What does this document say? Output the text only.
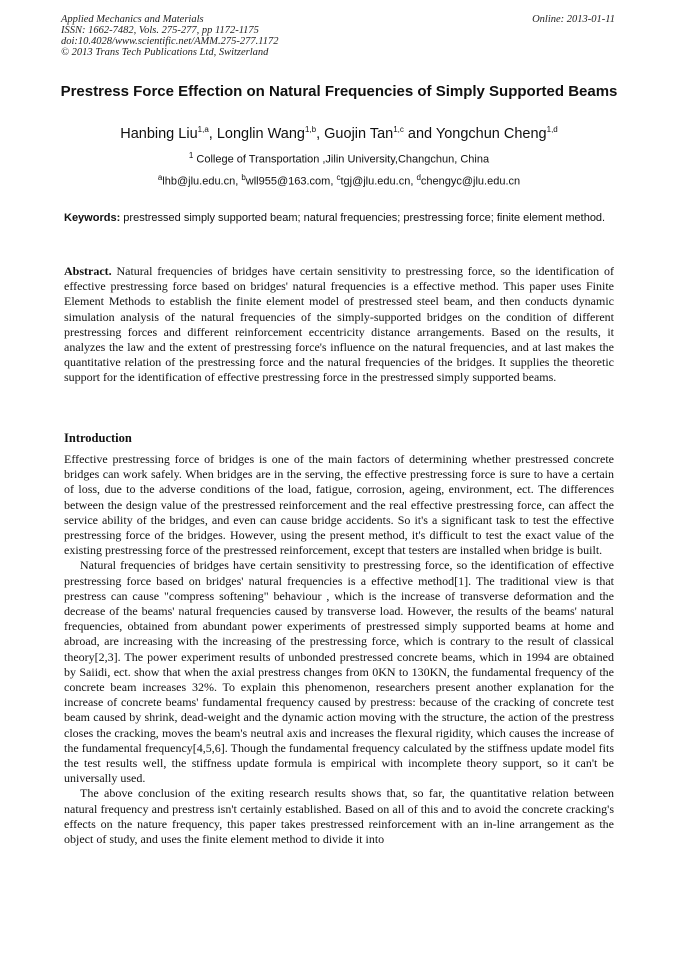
Applied Mechanics and Materials
ISSN: 1662-7482, Vols. 275-277, pp 1172-1175
doi:10.4028/www.scientific.net/AMM.275-277.1172
© 2013 Trans Tech Publications Ltd, Switzerland
Online: 2013-01-11
Prestress Force Effection on Natural Frequencies of Simply Supported Beams
Hanbing Liu$^{1,a}$, Longlin Wang$^{1,b}$, Guojin Tan$^{1,c}$ and Yongchun Cheng$^{1,d}$
$^1$ College of Transportation ,Jilin University,Changchun, China
$^a$lhb@jlu.edu.cn, $^b$wll955@163.com, $^c$tgj@jlu.edu.cn, $^d$chengyc@jlu.edu.cn
Keywords: prestressed simply supported beam; natural frequencies; prestressing force; finite element method.
Abstract. Natural frequencies of bridges have certain sensitivity to prestressing force, so the identification of effective prestressing force based on bridges' natural frequencies is a effective method. This paper uses Finite Element Methods to establish the finite element model of prestressed steel beam, and then conducts dynamic simulation analysis of the natural frequencies of the simply-supported bridges on the condition of different prestressing forces and different reinforcement eccentricity distance arrangements. Based on the results, it analyzes the law and the extent of prestressing force's influence on the natural frequencies, and at last makes the quantitative relation of the prestressing force and the natural frequencies of the bridges. It supplies the theoretic support for the identification of effective prestressing force in the prestressed simply supported beams.
Introduction

Effective prestressing force of bridges is one of the main factors of determining whether prestressed concrete bridges can work safely. When bridges are in the serving, the effective prestressing force is sure to have a certain of loss, due to the adverse conditions of the load, fatigue, corrosion, ageing, environment, ect. The differences between the design value of the prestressed reinforcement and the real effective prestressing force, can affect the service ability of the bridges, and even can cause bridge accidents. So it's a significant task to test the effective prestressing force of the bridges. However, using the present method, it's difficult to test the exact value of the existing prestressing force of the prestressed reinforcement, except that testers are installed when bridge is built.

Natural frequencies of bridges have certain sensitivity to prestressing force, so the identification of effective prestressing force based on bridges' natural frequencies is a effective method[1]. The traditional view is that prestress can cause "compress softening" behaviour , which is the increase of transverse deformation and the decrease of the beams' natural frequencies caused by transverse load. However, the results of the beams' natural frequencies, obtained from abundant power experiments of prestressed simply supported beams at home and abroad, are increasing with the increasing of the prestressing force, which is contrary to the result of classical theory[2,3]. The power experiment results of unbonded prestressed concrete beams, which in 1994 are obtained by Saiidi, ect. show that when the axial prestress changes from 0KN to 130KN, the fundamental frequency of the concrete beam increases 32%. To explain this phenomenon, researchers present another explanation for the increase of concrete beams' fundamental frequency caused by prestress: because of the cracking of concrete test beam caused by shrink, dead-weight and the dynamic action moving with the structure, the action of the prestress closes the cracking, moves the beam's neutral axis and increases the flexural rigidity, which causes the increase of the fundamental frequency[4,5,6]. Though the fundamental frequency calculated by the stiffness update model fits the test results well, the stiffness update formula is empirical with incomplete theory support, so it can't be universally used.

The above conclusion of the exiting research results shows that, so far, the quantitative relation between natural frequency and prestress isn't certainly established. Based on all of this and to avoid the concrete cracking's effects on the nature frequency, this paper takes prestressed reinforcement with an in-line arrangement as the object of study, and uses the finite element method to divide it into
